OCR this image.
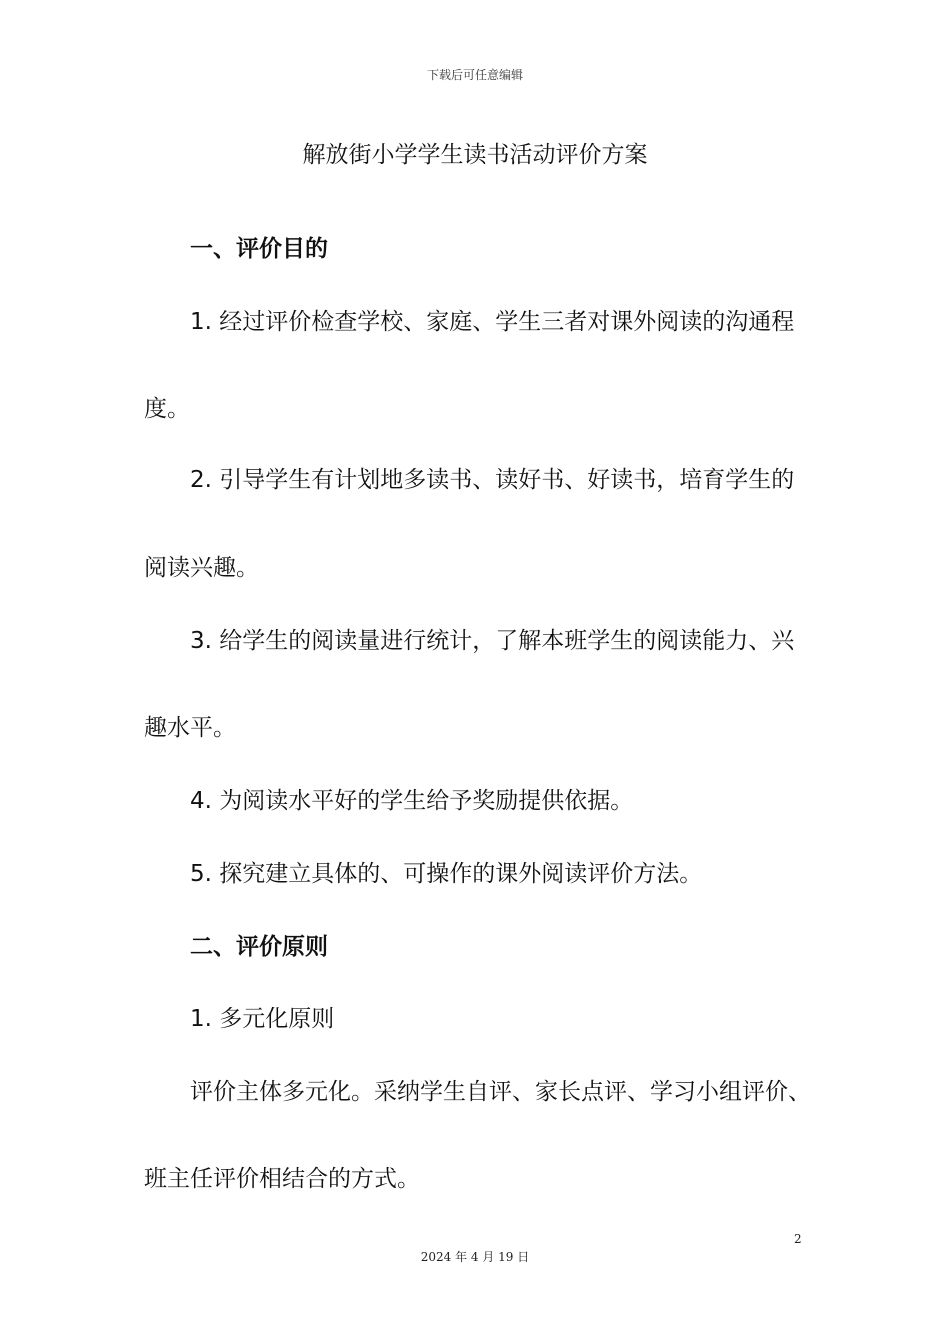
下载后可任意编辑
解放街小学学生读书活动评价方案

一、评价目的

1. 经过评价检查学校、家庭、学生三者对课外阅读的沟通程

度。

2. 引导学生有计划地多读书、读好书、好读书，培育学生的

阅读兴趣。

3. 给学生的阅读量进行统计，了解本班学生的阅读能力、兴

趣水平。

4. 为阅读水平好的学生给予奖励提供依据。

5. 探究建立具体的、可操作的课外阅读评价方法。

二、评价原则

1. 多元化原则

评价主体多元化。采纳学生自评、家长点评、学习小组评价、

班主任评价相结合的方式。

2
2024 年 4 月 19 日
